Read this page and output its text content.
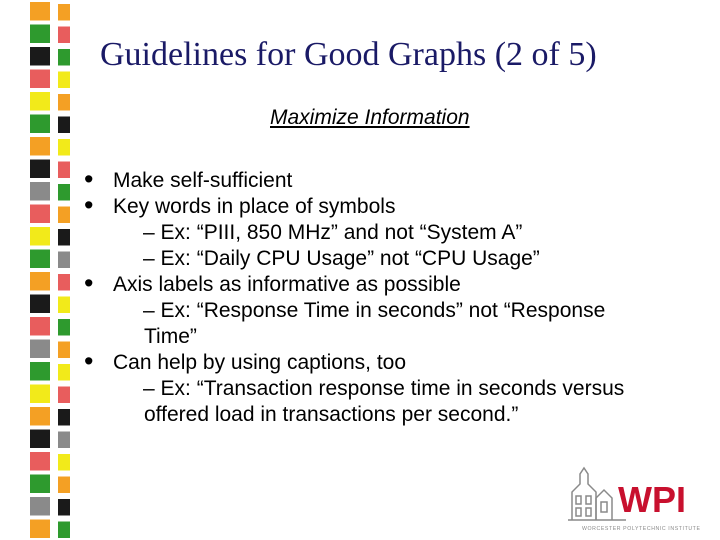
Guidelines for Good Graphs (2 of 5)
Maximize Information
• Make self-sufficient
• Key words in place of symbols
– Ex: “PIII, 850 MHz” and not “System A”
– Ex: “Daily CPU Usage” not “CPU Usage”
• Axis labels as informative as possible
– Ex: “Response Time in seconds” not “Response
Time”
• Can help by using captions, too
– Ex: “Transaction response time in seconds versus
offered load in transactions per second.”
WPI
WORCESTER POLYTECHNIC INSTITUTE
